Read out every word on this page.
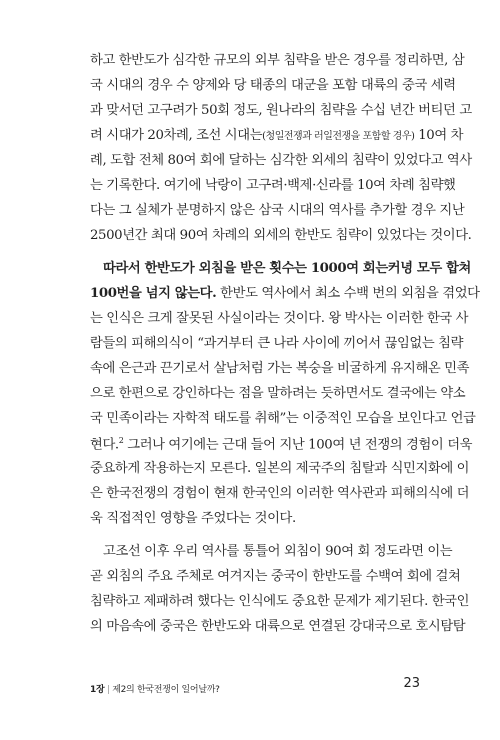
하고 한반도가 심각한 규모의 외부 침략을 받은 경우를 정리하면, 삼
국 시대의 경우 수 양제와 당 태종의 대군을 포함 대륙의 중국 세력
과 맞서던 고구려가 50회 정도, 원나라의 침략을 수십 년간 버티던 고
려 시대가 20차례, 조선 시대는(청일전쟁과 러일전쟁을 포함할 경우) 10여 차
례, 도합 전체 80여 회에 달하는 심각한 외세의 침략이 있었다고 역사
는 기록한다. 여기에 낙랑이 고구려·백제·신라를 10여 차례 침략했
다는 그 실체가 분명하지 않은 삼국 시대의 역사를 추가할 경우 지난
2500년간 최대 90여 차례의 외세의 한반도 침략이 있었다는 것이다.
따라서 한반도가 외침을 받은 횟수는 1000여 회는커녕 모두 합쳐
100번을 넘지 않는다. 한반도 역사에서 최소 수백 번의 외침을 겪었다
는 인식은 크게 잘못된 사실이라는 것이다. 왕 박사는 이러한 한국 사
람들의 피해의식이 “과거부터 큰 나라 사이에 끼어서 끊임없는 침략
속에 은근과 끈기로서 살남처럼 가는 복숭을 비굴하게 유지해온 민족
으로 한편으로 강인하다는 점을 말하려는 듯하면서도 결국에는 약소
국 민족이라는 자학적 태도를 취해”는 이중적인 모습을 보인다고 언급
현다.$^2$ 그러나 여기에는 근대 들어 지난 100여 년 전쟁의 경험이 더욱
중요하게 작용하는지 모른다. 일본의 제국주의 침탈과 식민지화에 이
은 한국전쟁의 경험이 현재 한국인의 이러한 역사관과 피해의식에 더
욱 직접적인 영향을 주었다는 것이다.
고조선 이후 우리 역사를 통틀어 외침이 90여 회 정도라면 이는
곧 외침의 주요 주체로 여겨지는 중국이 한반도를 수백여 회에 걸쳐
침략하고 제패하려 했다는 인식에도 중요한 문제가 제기된다. 한국인
의 마음속에 중국은 한반도와 대륙으로 연결된 강대국으로 호시탐탐
1장 | 제2의 한국전쟁이 일어날까?	23
